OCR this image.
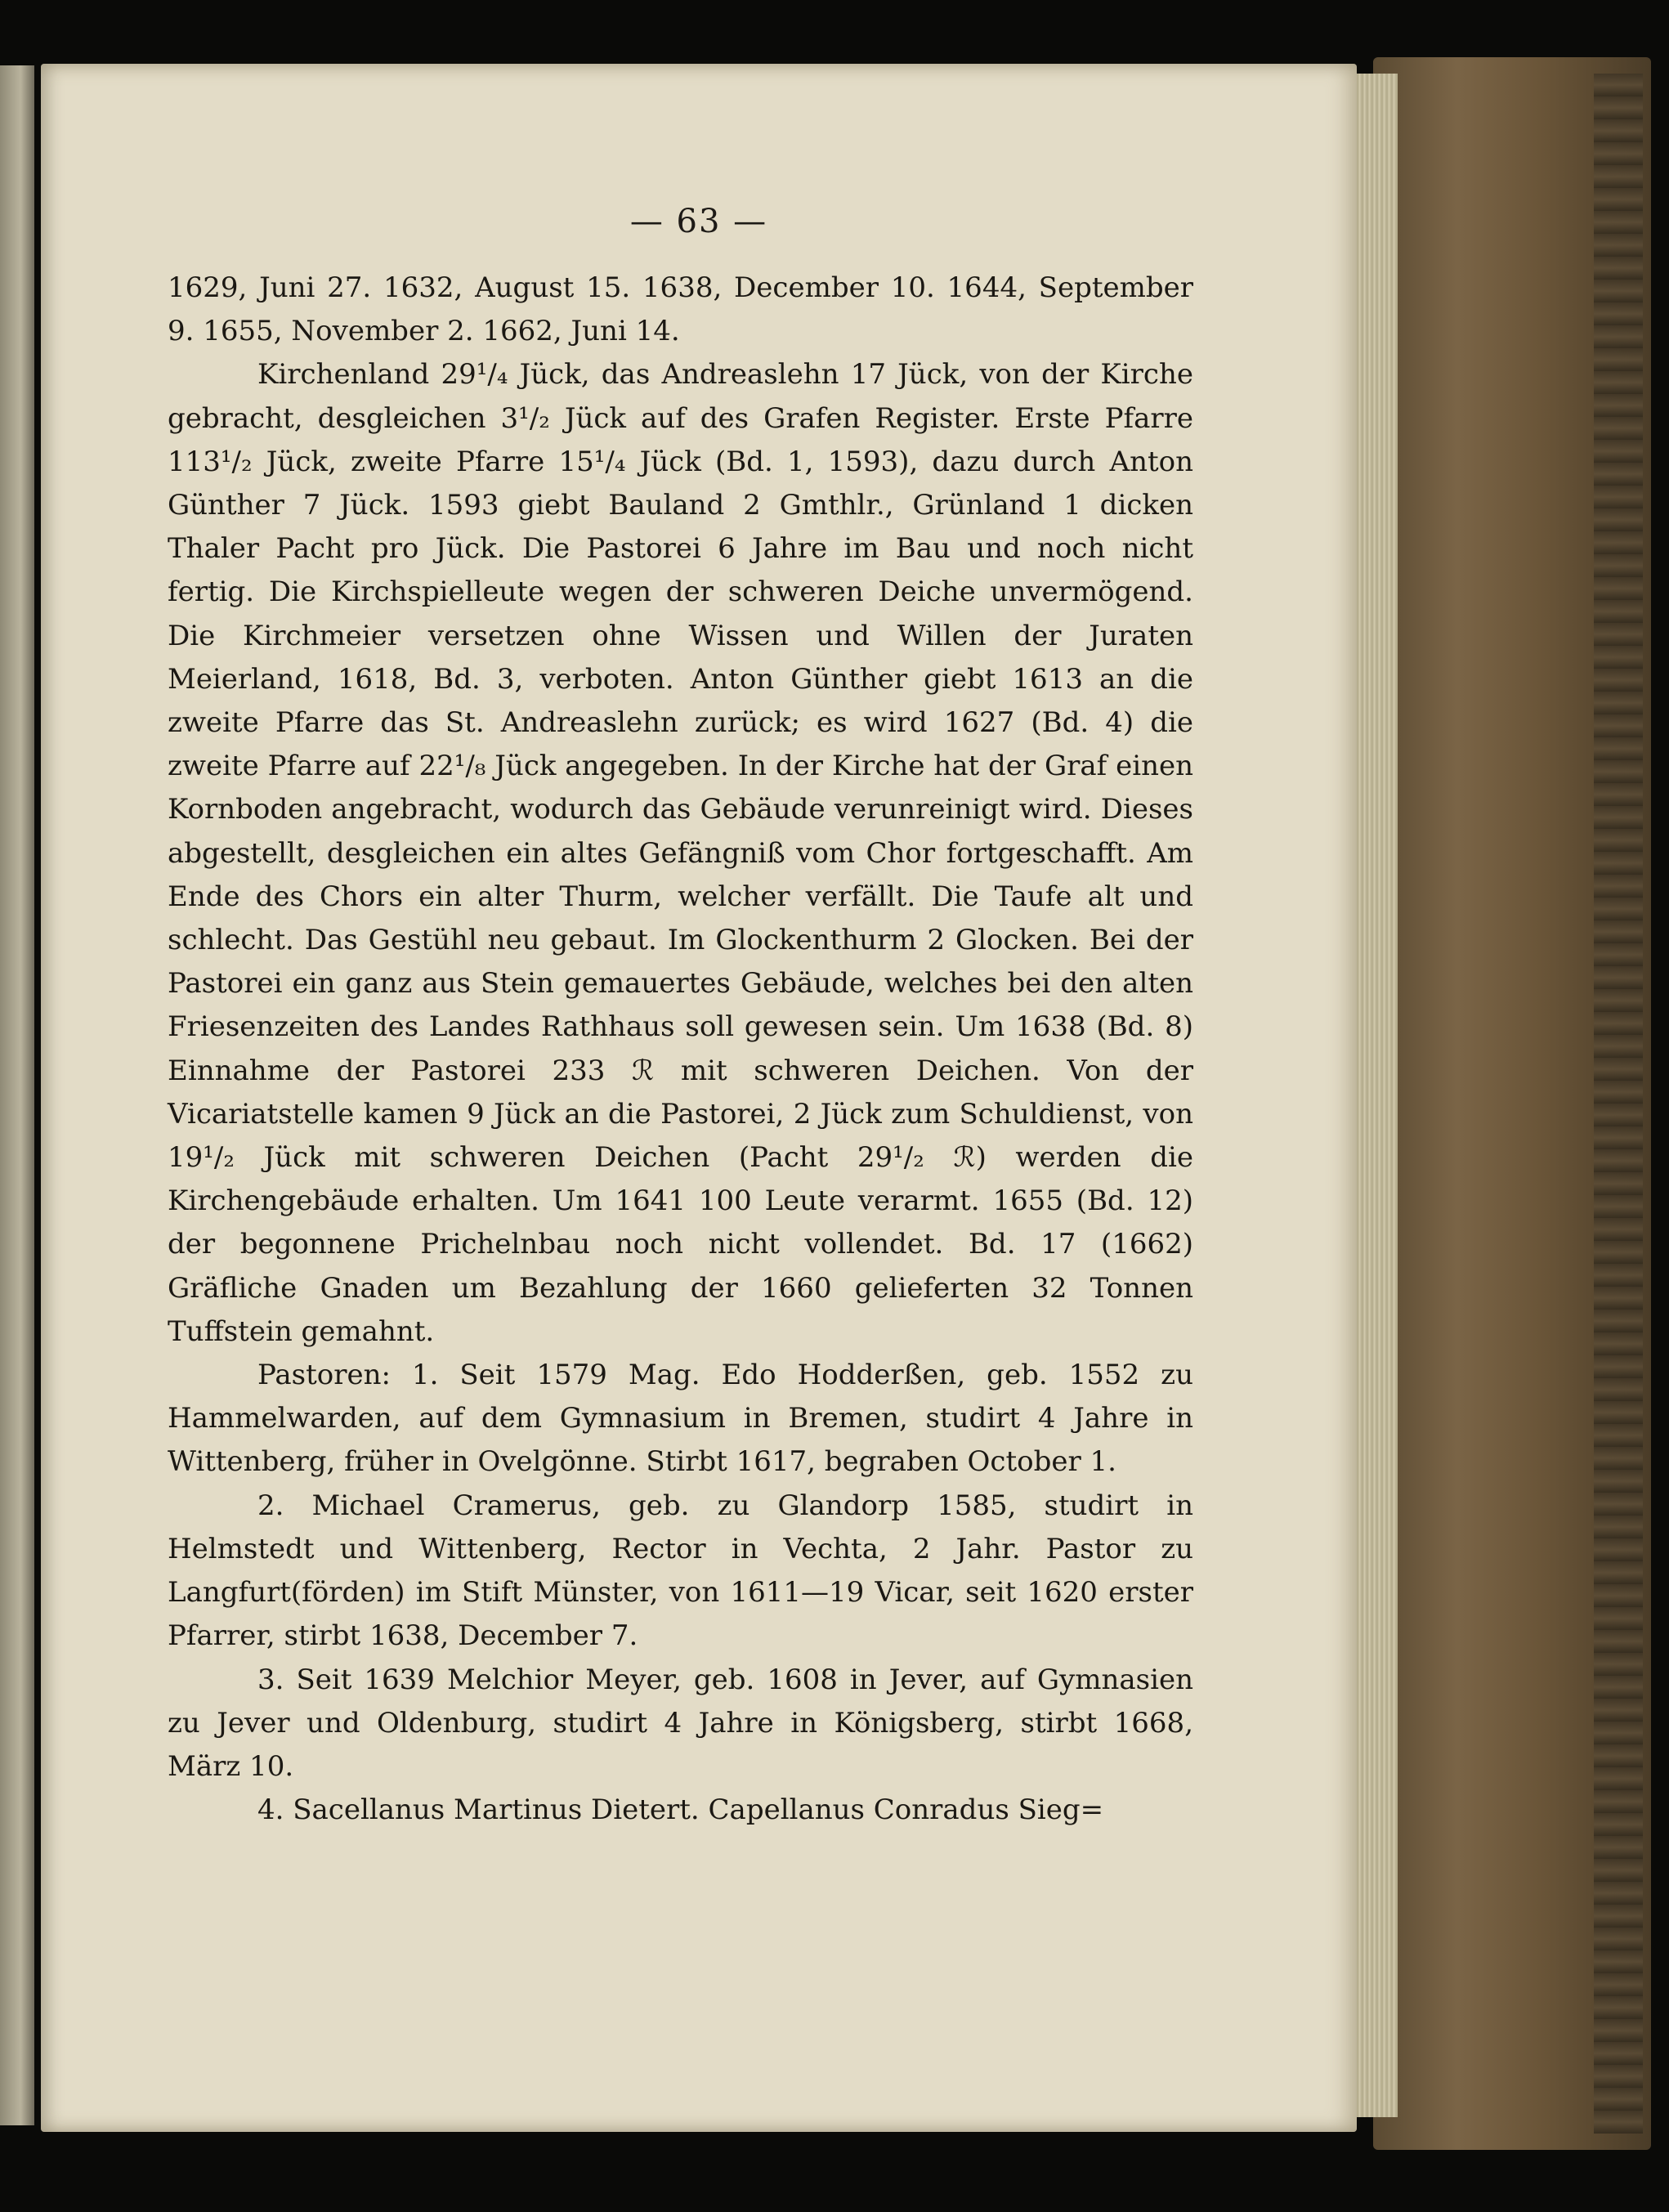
— 63 —

1629, Juni 27. 1632, August 15. 1638, December 10. 1644, September 9. 1655, November 2. 1662, Juni 14.

Kirchenland 29¹/₄ Jück, das Andreaslehn 17 Jück, von der Kirche gebracht, desgleichen 3¹/₂ Jück auf des Grafen Register. Erste Pfarre 113¹/₂ Jück, zweite Pfarre 15¹/₄ Jück (Bd. 1, 1593), dazu durch Anton Günther 7 Jück. 1593 giebt Bauland 2 Gmthlr., Grünland 1 dicken Thaler Pacht pro Jück. Die Pastorei 6 Jahre im Bau und noch nicht fertig. Die Kirchspielleute wegen der schweren Deiche unvermögend. Die Kirchmeier versetzen ohne Wissen und Willen der Juraten Meierland, 1618, Bd. 3, verboten. Anton Günther giebt 1613 an die zweite Pfarre das St. Andreaslehn zurück; es wird 1627 (Bd. 4) die zweite Pfarre auf 22¹/₈ Jück angegeben. In der Kirche hat der Graf einen Kornboden angebracht, wodurch das Gebäude verunreinigt wird. Dieses abgestellt, desgleichen ein altes Gefängniß vom Chor fortgeschafft. Am Ende des Chors ein alter Thurm, welcher verfällt. Die Taufe alt und schlecht. Das Gestühl neu gebaut. Im Glockenthurm 2 Glocken. Bei der Pastorei ein ganz aus Stein gemauertes Gebäude, welches bei den alten Friesenzeiten des Landes Rathhaus soll gewesen sein. Um 1638 (Bd. 8) Einnahme der Pastorei 233 ℛ mit schweren Deichen. Von der Vicariatstelle kamen 9 Jück an die Pastorei, 2 Jück zum Schuldienst, von 19¹/₂ Jück mit schweren Deichen (Pacht 29¹/₂ ℛ) werden die Kirchengebäude erhalten. Um 1641 100 Leute verarmt. 1655 (Bd. 12) der begonnene Prichelnbau noch nicht vollendet. Bd. 17 (1662) Gräfliche Gnaden um Bezahlung der 1660 gelieferten 32 Tonnen Tuffstein gemahnt.

Pastoren: 1. Seit 1579 Mag. Edo Hodderßen, geb. 1552 zu Hammelwarden, auf dem Gymnasium in Bremen, studirt 4 Jahre in Wittenberg, früher in Ovelgönne. Stirbt 1617, begraben October 1.

2. Michael Cramerus, geb. zu Glandorp 1585, studirt in Helmstedt und Wittenberg, Rector in Vechta, 2 Jahr. Pastor zu Langfurt(förden) im Stift Münster, von 1611—19 Vicar, seit 1620 erster Pfarrer, stirbt 1638, December 7.

3. Seit 1639 Melchior Meyer, geb. 1608 in Jever, auf Gymnasien zu Jever und Oldenburg, studirt 4 Jahre in Königsberg, stirbt 1668, März 10.

4. Sacellanus Martinus Dietert. Capellanus Conradus Sieg=
